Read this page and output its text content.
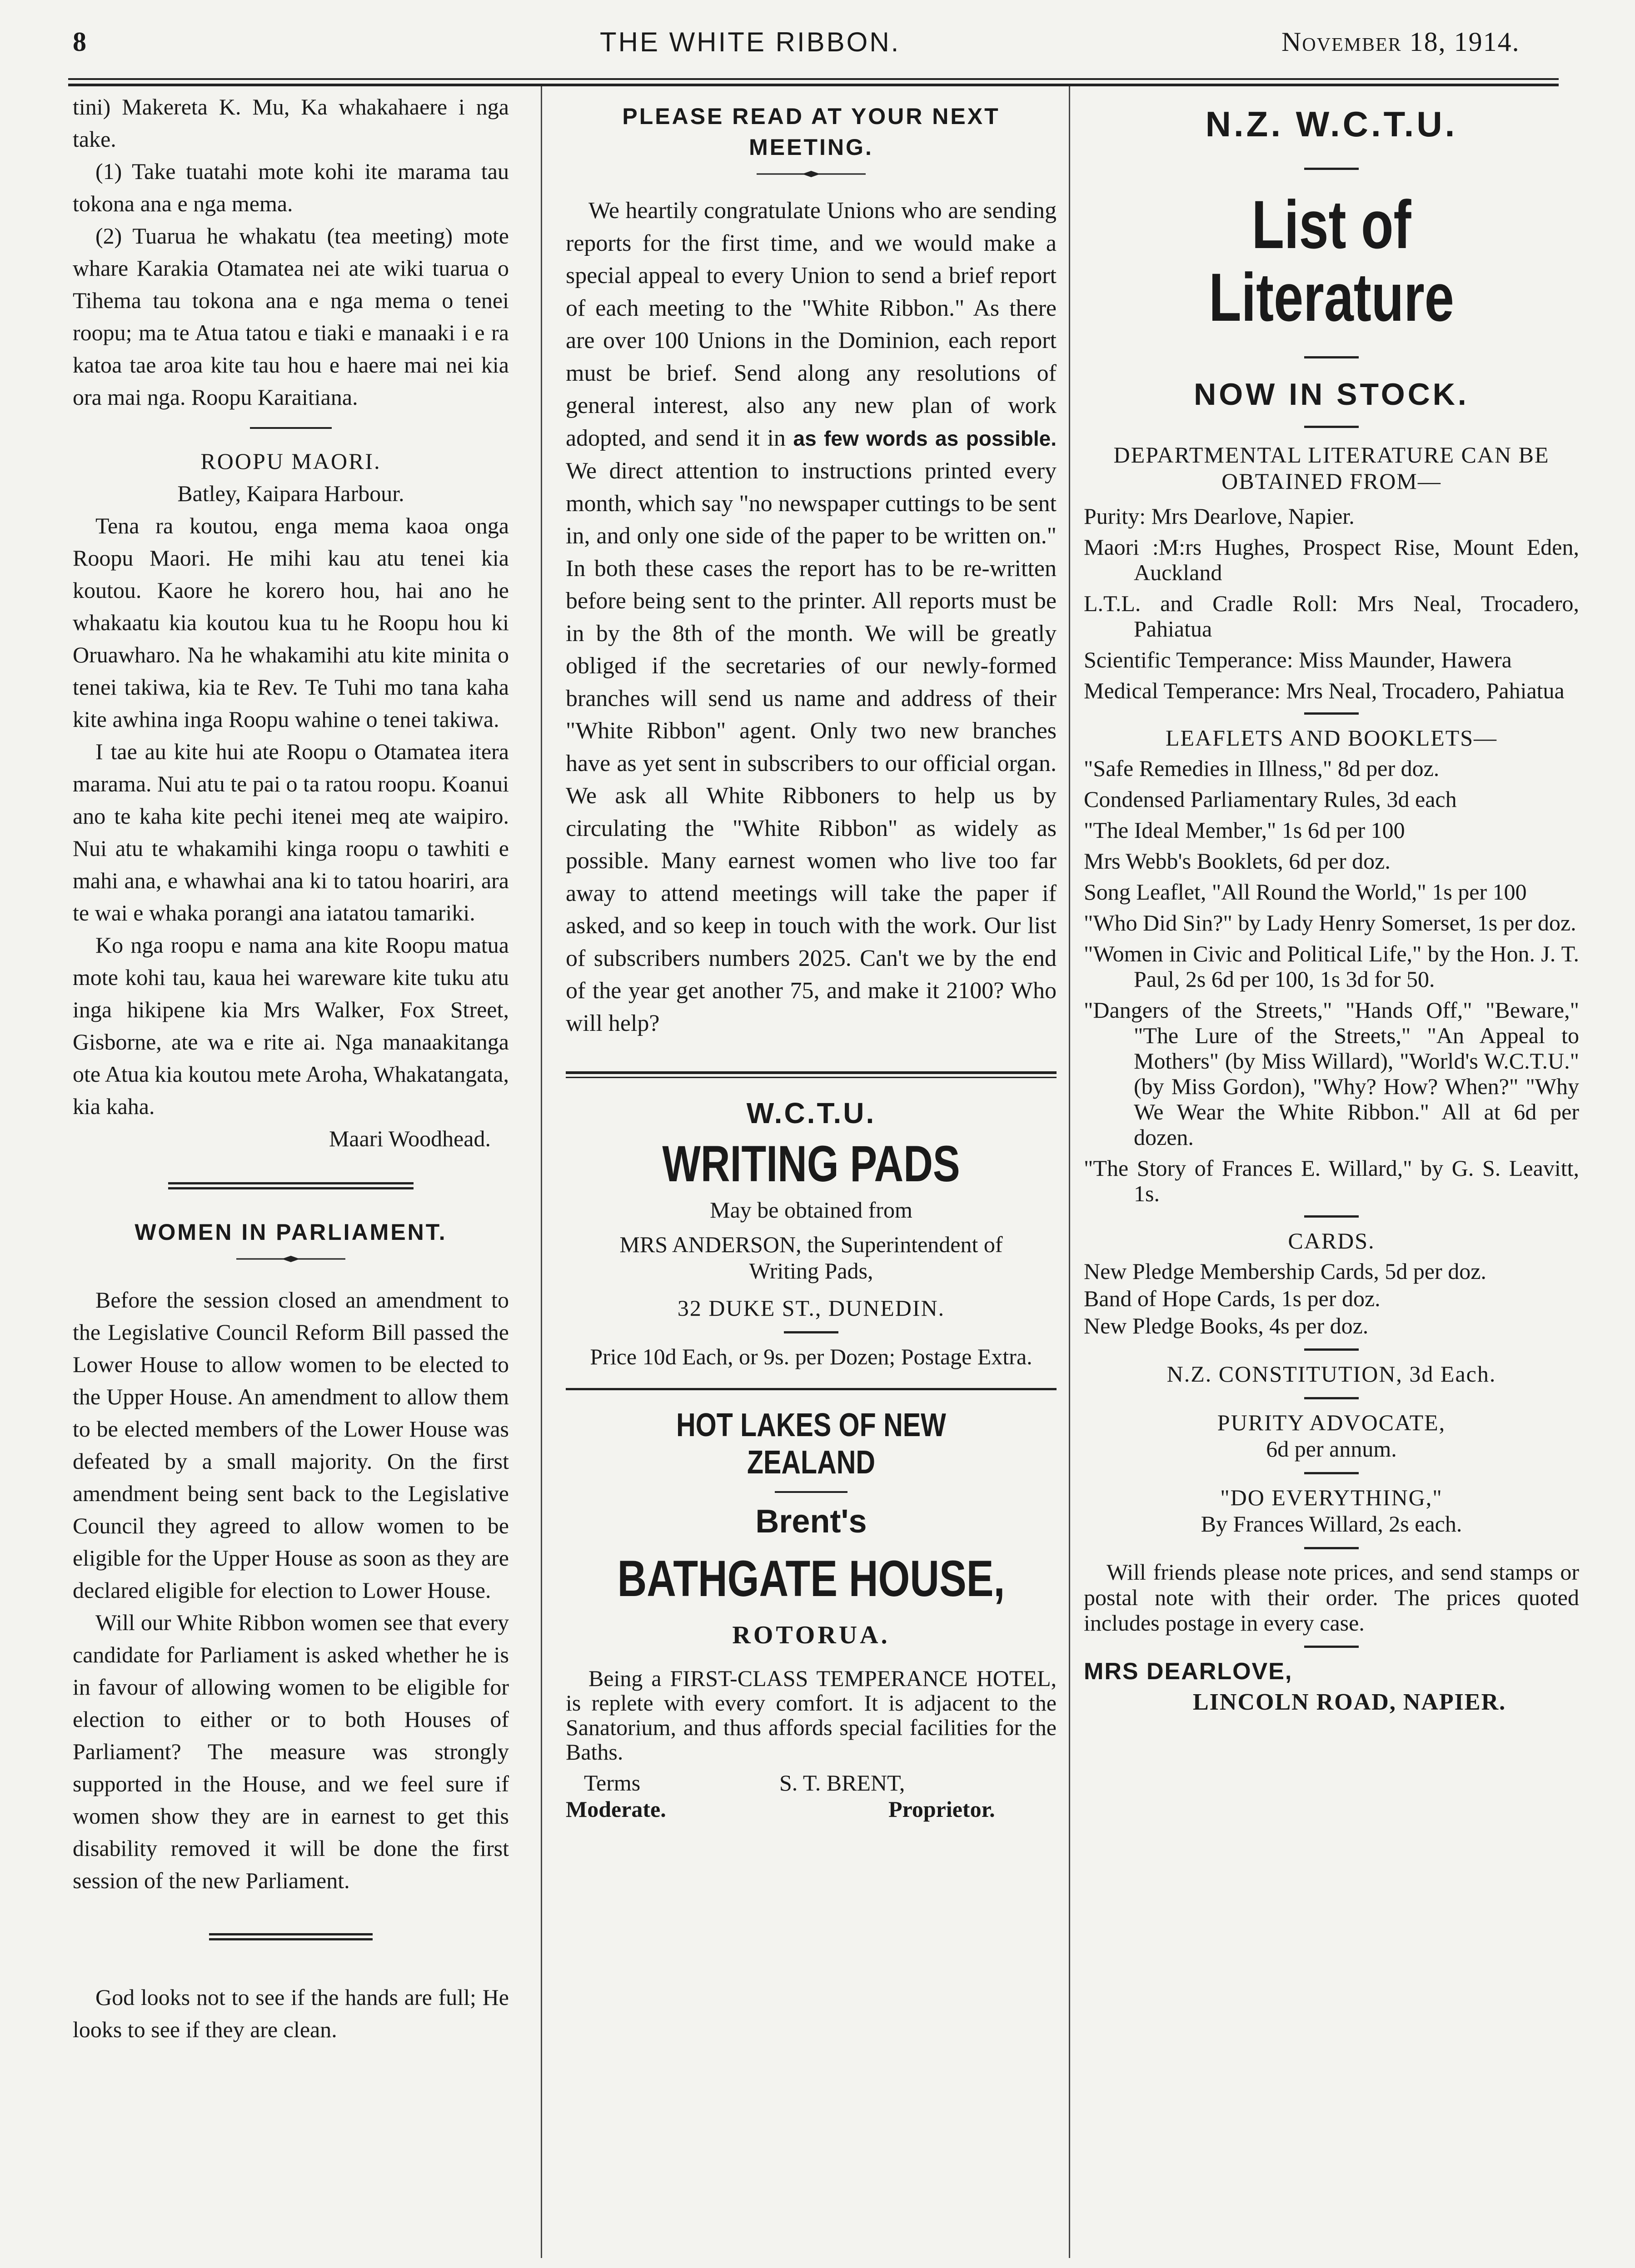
8	THE WHITE RIBBON.	November 18, 1914.

tini) Makereta K. Mu, Ka whakahaere i nga take.

(1) Take tuatahi mote kohi ite marama tau tokona ana e nga mema.

(2) Tuarua he whakatu (tea meeting) mote whare Karakia Otamatea nei ate wiki tuarua o Tihema tau tokona ana e nga mema o tenei roopu; ma te Atua tatou e tiaki e manaaki i e ra katoa tae aroa kite tau hou e haere mai nei kia ora mai nga. Roopu Karaitiana.

ROOPU MAORI.

Batley, Kaipara Harbour.

Tena ra koutou, enga mema kaoa onga Roopu Maori. He mihi kau atu tenei kia koutou. Kaore he korero hou, hai ano he whakaatu kia koutou kua tu he Roopu hou ki Oruawharo. Na he whakamihi atu kite minita o tenei takiwa, kia te Rev. Te Tuhi mo tana kaha kite awhina inga Roopu wahine o tenei takiwa.

I tae au kite hui ate Roopu o Otamatea itera marama. Nui atu te pai o ta ratou roopu. Koanui ano te kaha kite pechi itenei meq ate waipiro. Nui atu te whakamihi kinga roopu o tawhiti e mahi ana, e whawhai ana ki to tatou hoariri, ara te wai e whaka porangi ana iatatou tamariki.

Ko nga roopu e nama ana kite Roopu matua mote kohi tau, kaua hei wareware kite tuku atu inga hikipene kia Mrs Walker, Fox Street, Gisborne, ate wa e rite ai. Nga manaakitanga ote Atua kia koutou mete Aroha, Whakatangata, kia kaha.

Maari Woodhead.

WOMEN IN PARLIAMENT.

Before the session closed an amendment to the Legislative Council Reform Bill passed the Lower House to allow women to be elected to the Upper House. An amendment to allow them to be elected members of the Lower House was defeated by a small majority. On the first amendment being sent back to the Legislative Council they agreed to allow women to be eligible for the Upper House as soon as they are declared eligible for election to Lower House.

Will our White Ribbon women see that every candidate for Parliament is asked whether he is in favour of allowing women to be eligible for election to either or to both Houses of Parliament? The measure was strongly supported in the House, and we feel sure if women show they are in earnest to get this disability removed it will be done the first session of the new Parliament.

God looks not to see if the hands are full; He looks to see if they are clean.

PLEASE READ AT YOUR NEXT

MEETING.

We heartily congratulate Unions who are sending reports for the first time, and we would make a special appeal to every Union to send a brief report of each meeting to the "White Ribbon." As there are over 100 Unions in the Dominion, each report must be brief. Send along any resolutions of general interest, also any new plan of work adopted, and send it in as few words as possible. We direct attention to instructions printed every month, which say "no newspaper cuttings to be sent in, and only one side of the paper to be written on." In both these cases the report has to be re-written before being sent to the printer. All reports must be in by the 8th of the month. We will be greatly obliged if the secretaries of our newly-formed branches will send us name and address of their "White Ribbon" agent. Only two new branches have as yet sent in subscribers to our official organ. We ask all White Ribboners to help us by circulating the "White Ribbon" as widely as possible. Many earnest women who live too far away to attend meetings will take the paper if asked, and so keep in touch with the work. Our list of subscribers numbers 2025. Can't we by the end of the year get another 75, and make it 2100? Who will help?

W.C.T.U.

WRITING PADS

May be obtained from

MRS ANDERSON, the Superintendent of Writing Pads,

32 DUKE ST., DUNEDIN.

Price 10d Each, or 9s. per Dozen; Postage Extra.

HOT LAKES OF NEW ZEALAND

Brent's

BATHGATE HOUSE,

ROTORUA.

Being a FIRST-CLASS TEMPERANCE HOTEL, is replete with every comfort. It is adjacent to the Sanatorium, and thus affords special facilities for the Baths.

Terms
Moderate.
S. T. BRENT,
Proprietor.

N.Z. W.C.T.U.

List of Literature

NOW IN STOCK.

DEPARTMENTAL LITERATURE CAN BE OBTAINED FROM—

Purity: Mrs Dearlove, Napier.

Maori :M:rs Hughes, Prospect Rise, Mount Eden, Auckland

L.T.L. and Cradle Roll: Mrs Neal, Trocadero, Pahiatua

Scientific Temperance: Miss Maunder, Hawera

Medical Temperance: Mrs Neal, Trocadero, Pahiatua

LEAFLETS AND BOOKLETS—

"Safe Remedies in Illness," 8d per doz.

Condensed Parliamentary Rules, 3d each

"The Ideal Member," 1s 6d per 100

Mrs Webb's Booklets, 6d per doz.

Song Leaflet, "All Round the World," 1s per 100

"Who Did Sin?" by Lady Henry Somerset, 1s per doz.

"Women in Civic and Political Life," by the Hon. J. T. Paul, 2s 6d per 100, 1s 3d for 50.

"Dangers of the Streets," "Hands Off," "Beware," "The Lure of the Streets," "An Appeal to Mothers" (by Miss Willard), "World's W.C.T.U." (by Miss Gordon), "Why? How? When?" "Why We Wear the White Ribbon." All at 6d per dozen.

"The Story of Frances E. Willard," by G. S. Leavitt, 1s.

CARDS.

New Pledge Membership Cards, 5d per doz.

Band of Hope Cards, 1s per doz.

New Pledge Books, 4s per doz.

N.Z. CONSTITUTION, 3d Each.

PURITY ADVOCATE,

6d per annum.

"DO EVERYTHING,"

By Frances Willard, 2s each.

Will friends please note prices, and send stamps or postal note with their order. The prices quoted includes postage in every case.

MRS DEARLOVE,

LINCOLN ROAD, NAPIER.
